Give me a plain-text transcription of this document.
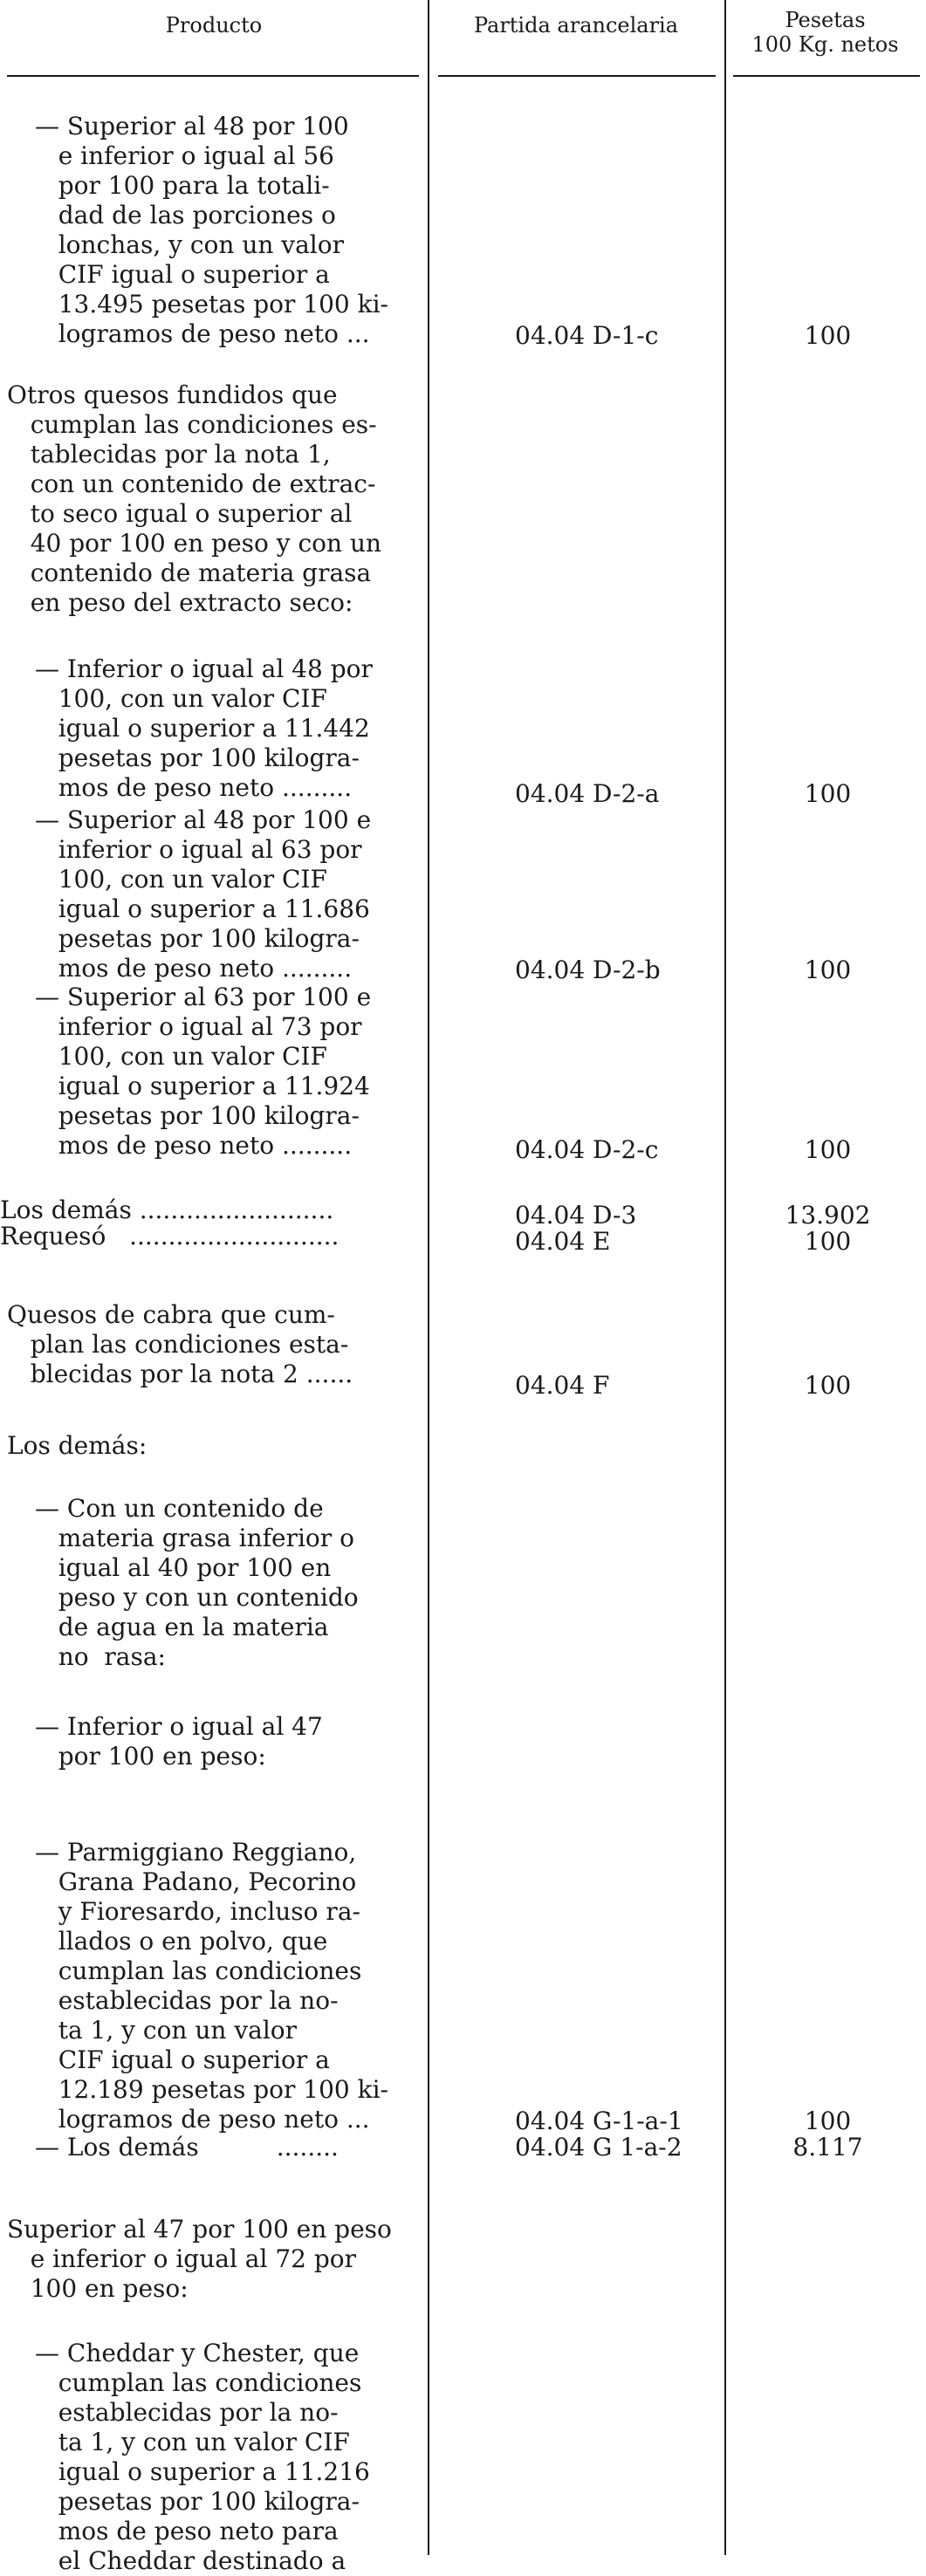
Producto	Partida arancelaria	Pesetas
100 Kg. netos
— Superior al 48 por 100
e inferior o igual al 56
por 100 para la totali-
dad de las porciones o
lonchas, y con un valor
CIF igual o superior a
13.495 pesetas por 100 ki-
logramos de peso neto ...	04.04 D-1-c	100
Otros quesos fundidos que
cumplan las condiciones es-
tablecidas por la nota 1,
con un contenido de extrac-
to seco igual o superior al
40 por 100 en peso y con un
contenido de materia grasa
en peso del extracto seco:
— Inferior o igual al 48 por
100, con un valor CIF
igual o superior a 11.442
pesetas por 100 kilogra-
mos de peso neto .........	04.04 D-2-a	100
— Superior al 48 por 100 e
inferior o igual al 63 por
100, con un valor CIF
igual o superior a 11.686
pesetas por 100 kilogra-
mos de peso neto .........	04.04 D-2-b	100
— Superior al 63 por 100 e
inferior o igual al 73 por
100, con un valor CIF
igual o superior a 11.924
pesetas por 100 kilogra-
mos de peso neto .........	04.04 D-2-c	100
Los demás .........................	04.04 D-3	13.902
Requesó   ...........................	04.04 E	100
Quesos de cabra que cum-
plan las condiciones esta-
blecidas por la nota 2 ......	04.04 F	100
Los demás:
— Con un contenido de
materia grasa inferior o
igual al 40 por 100 en
peso y con un contenido
de agua en la materia
no  rasa:
— Inferior o igual al 47
por 100 en peso:
— Parmiggiano Reggiano,
Grana Padano, Pecorino
y Fioresardo, incluso ra-
llados o en polvo, que
cumplan las condiciones
establecidas por la no-
ta 1, y con un valor
CIF igual o superior a
12.189 pesetas por 100 ki-
logramos de peso neto ...	04.04 G-1-a-1	100
— Los demás          ........	04.04 G 1-a-2	8.117
Superior al 47 por 100 en peso
e inferior o igual al 72 por
100 en peso:
— Cheddar y Chester, que
cumplan las condiciones
establecidas por la no-
ta 1, y con un valor CIF
igual o superior a 11.216
pesetas por 100 kilogra-
mos de peso neto para
el Cheddar destinado a
